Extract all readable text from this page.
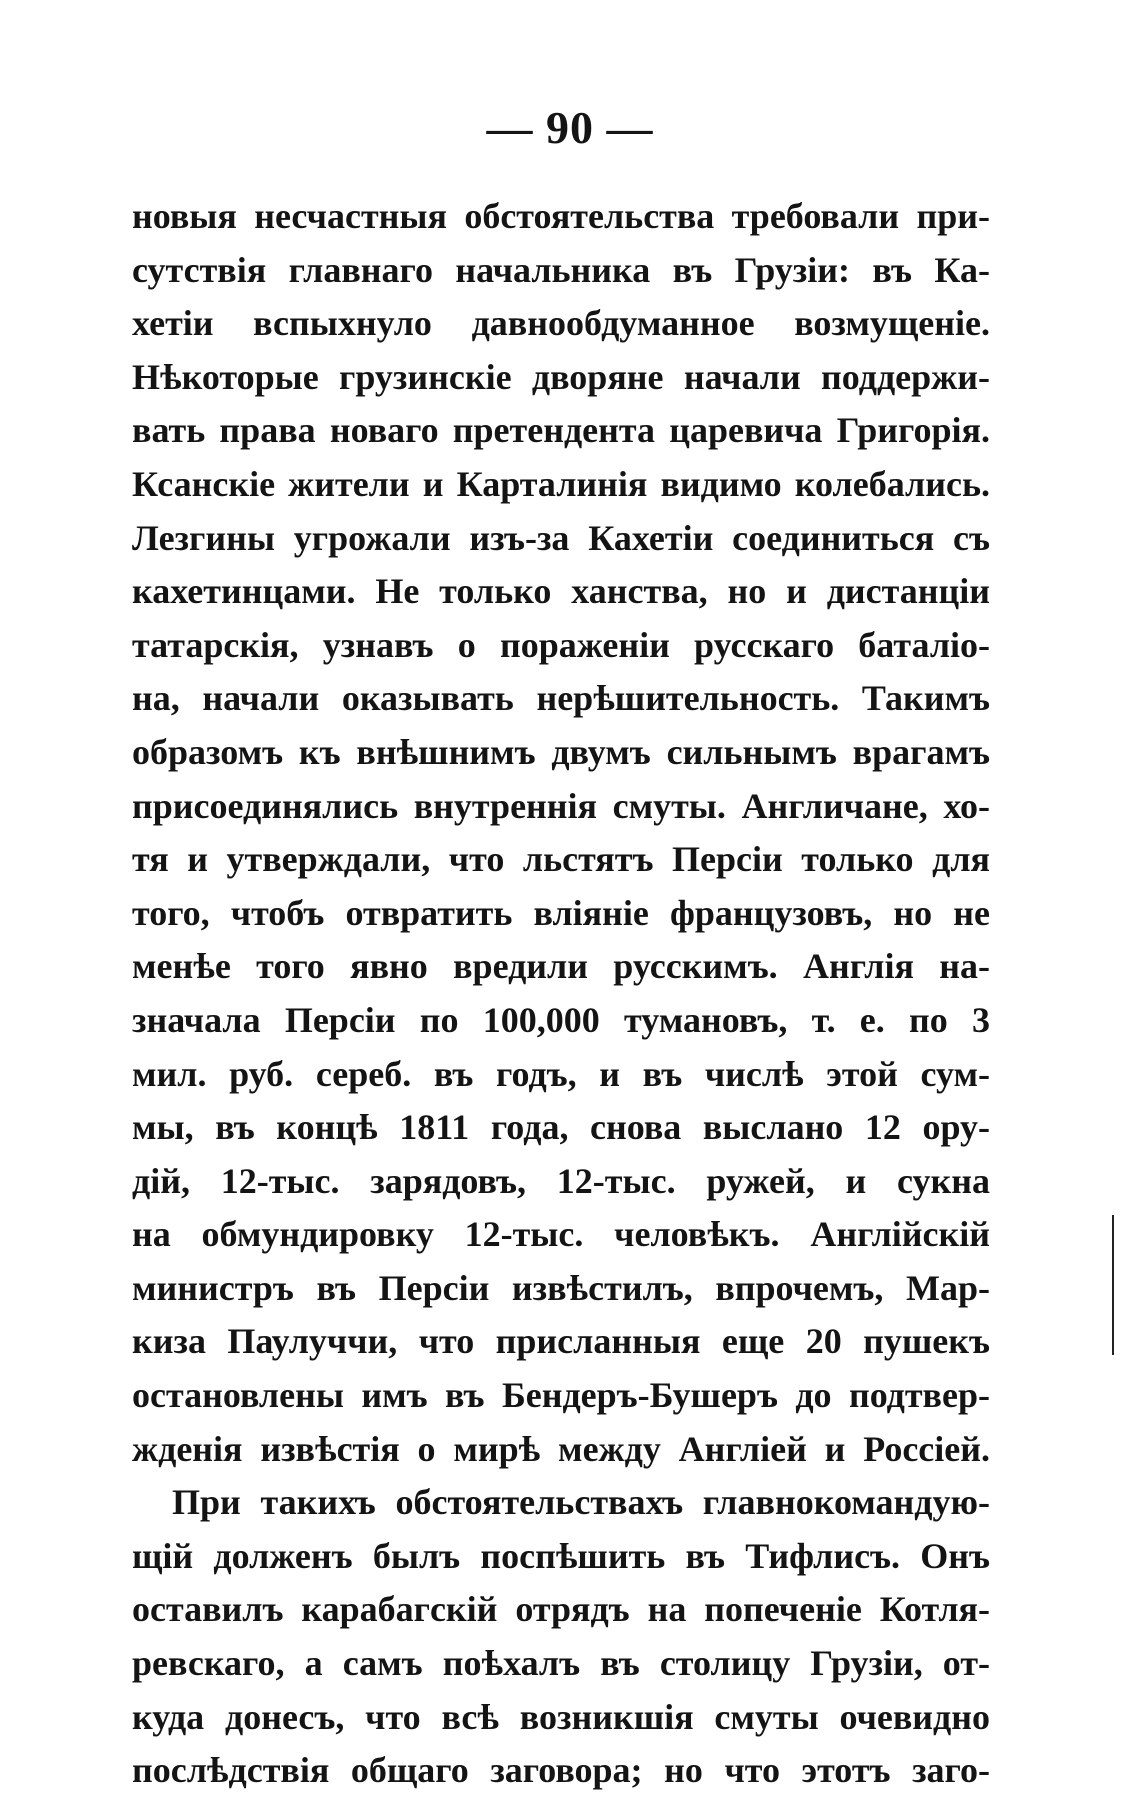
— 90 —
новыя несчастныя обстоятельства требовали при-
сутствія главнаго начальника въ Грузіи: въ Ка-
хетіи вспыхнуло давнообдуманное возмущеніе.
Нѣкоторые грузинскіе дворяне начали поддержи-
вать права новаго претендента царевича Григорія.
Ксанскіе жители и Карталинія видимо колебались.
Лезгины угрожали изъ-за Кахетіи соединиться съ
кахетинцами. Не только ханства, но и дистанціи
татарскія, узнавъ о пораженіи русскаго баталіо-
на, начали оказывать нерѣшительность. Такимъ
образомъ къ внѣшнимъ двумъ сильнымъ врагамъ
присоединялись внутреннія смуты. Англичане, хо-
тя и утверждали, что льстятъ Персіи только для
того, чтобъ отвратить вліяніе французовъ, но не
менѣе того явно вредили русскимъ. Англія на-
значала Персіи по 100,000 тумановъ, т. е. по 3
мил. руб. сереб. въ годъ, и въ числѣ этой сум-
мы, въ концѣ 1811 года, снова выслано 12 ору-
дій, 12-тыс. зарядовъ, 12-тыс. ружей, и сукна
на обмундировку 12-тыс. человѣкъ. Англійскій
министръ въ Персіи извѣстилъ, впрочемъ, Мар-
киза Паулуччи, что присланныя еще 20 пушекъ
остановлены имъ въ Бендеръ-Бушеръ до подтвер-
жденія извѣстія о мирѣ между Англіей и Россіей.
При такихъ обстоятельствахъ главнокомандую-
щій долженъ былъ поспѣшить въ Тифлисъ. Онъ
оставилъ карабагскій отрядъ на попеченіе Котля-
ревскаго, а самъ поѣхалъ въ столицу Грузіи, от-
куда донесъ, что всѣ возникшія смуты очевидно
послѣдствія общаго заговора; но что этотъ заго-
